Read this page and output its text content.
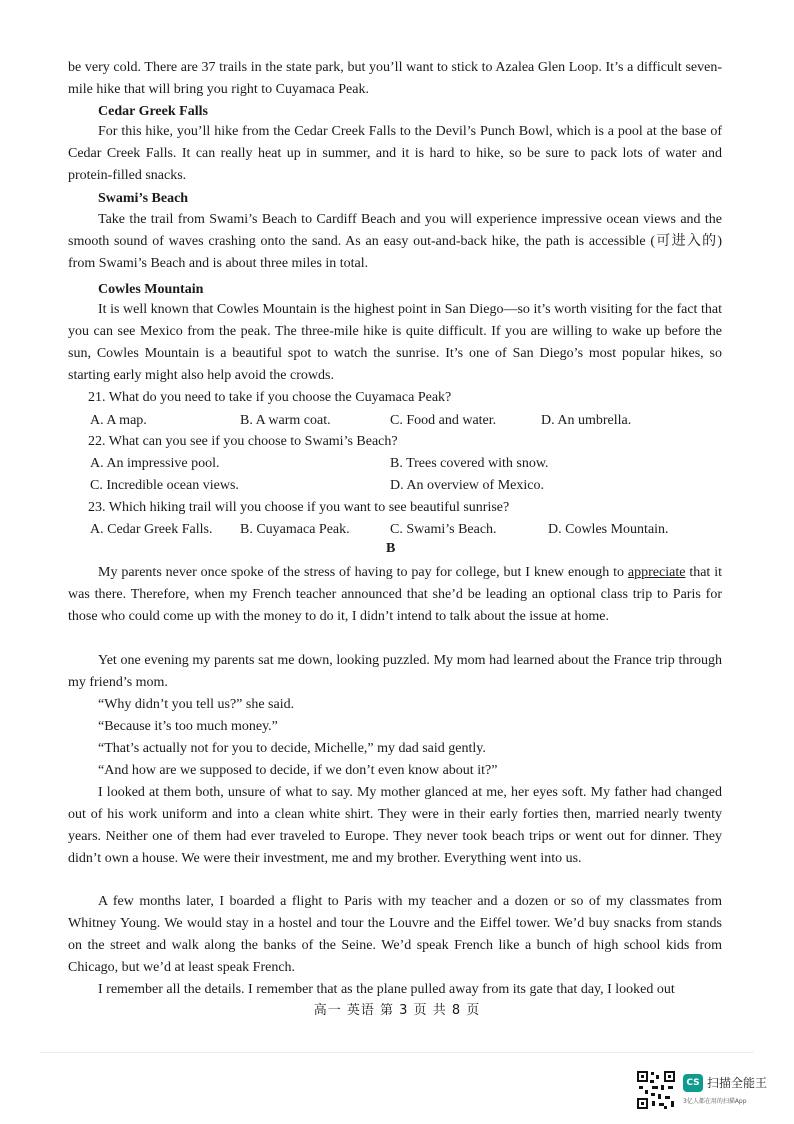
be very cold. There are 37 trails in the state park, but you’ll want to stick to Azalea Glen Loop. It’s a difficult seven-mile hike that will bring you right to Cuyamaca Peak.

Cedar Greek Falls

For this hike, you’ll hike from the Cedar Creek Falls to the Devil’s Punch Bowl, which is a pool at the base of Cedar Creek Falls. It can really heat up in summer, and it is hard to hike, so be sure to pack lots of water and protein-filled snacks.

Swami’s Beach

Take the trail from Swami’s Beach to Cardiff Beach and you will experience impressive ocean views and the smooth sound of waves crashing onto the sand. As an easy out-and-back hike, the path is accessible (可进入的) from Swami’s Beach and is about three miles in total.

Cowles Mountain

It is well known that Cowles Mountain is the highest point in San Diego—so it’s worth visiting for the fact that you can see Mexico from the peak. The three-mile hike is quite difficult. If you are willing to wake up before the sun, Cowles Mountain is a beautiful spot to watch the sunrise. It’s one of San Diego’s most popular hikes, so starting early might also help avoid the crowds.

21. What do you need to take if you choose the Cuyamaca Peak?

A. A map.	B. A warm coat.	C. Food and water.	D. An umbrella.

22. What can you see if you choose to Swami’s Beach?

A. An impressive pool.	B. Trees covered with snow.

C. Incredible ocean views.	D. An overview of Mexico.

23. Which hiking trail will you choose if you want to see beautiful sunrise?

A. Cedar Greek Falls. B. Cuyamaca Peak.	C. Swami’s Beach.	D. Cowles Mountain.

B

My parents never once spoke of the stress of having to pay for college, but I knew enough to appreciate that it was there. Therefore, when my French teacher announced that she’d be leading an optional class trip to Paris for those who could come up with the money to do it, I didn’t intend to talk about the issue at home.

Yet one evening my parents sat me down, looking puzzled. My mom had learned about the France trip through my friend’s mom.

“Why didn’t you tell us?” she said.

“Because it’s too much money.”

“That’s actually not for you to decide, Michelle,” my dad said gently.

“And how are we supposed to decide, if we don’t even know about it?”

I looked at them both, unsure of what to say. My mother glanced at me, her eyes soft. My father had changed out of his work uniform and into a clean white shirt. They were in their early forties then, married nearly twenty years. Neither one of them had ever traveled to Europe. They never took beach trips or went out for dinner. They didn’t own a house. We were their investment, me and my brother. Everything went into us.

A few months later, I boarded a flight to Paris with my teacher and a dozen or so of my classmates from Whitney Young. We would stay in a hostel and tour the Louvre and the Eiffel tower. We’d buy snacks from stands on the street and walk along the banks of the Seine. We’d speak French like a bunch of high school kids from Chicago, but we’d at least speak French.

I remember all the details. I remember that as the plane pulled away from its gate that day, I looked out

高一 英语 第 3 页 共 8 页
CS 扫描全能王
3亿人都在用的扫描App
